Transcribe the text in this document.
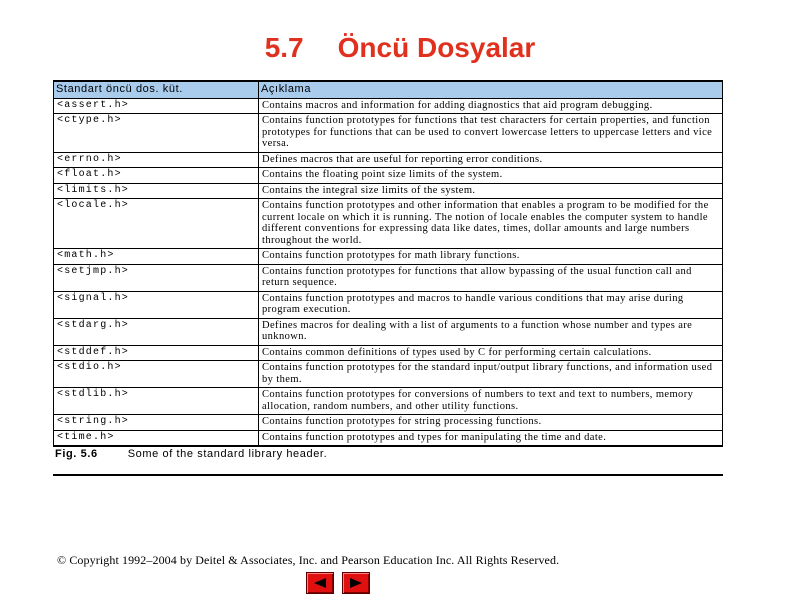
5.7 Öncü Dosyalar
Standart öncü dos. küt.	Açıklama
<assert.h>	Contains macros and information for adding diagnostics that aid program debugging.
<ctype.h>	Contains function prototypes for functions that test characters for certain properties, and function prototypes for functions that can be used to convert lowercase letters to uppercase letters and vice versa.
<errno.h>	Defines macros that are useful for reporting error conditions.
<float.h>	Contains the floating point size limits of the system.
<limits.h>	Contains the integral size limits of the system.
<locale.h>	Contains function prototypes and other information that enables a program to be modified for the current locale on which it is running. The notion of locale enables the computer system to handle different conventions for expressing data like dates, times, dollar amounts and large numbers throughout the world.
<math.h>	Contains function prototypes for math library functions.
<setjmp.h>	Contains function prototypes for functions that allow bypassing of the usual function call and return sequence.
<signal.h>	Contains function prototypes and macros to handle various conditions that may arise during program execution.
<stdarg.h>	Defines macros for dealing with a list of arguments to a function whose number and types are unknown.
<stddef.h>	Contains common definitions of types used by C for performing certain calculations.
<stdio.h>	Contains function prototypes for the standard input/output library functions, and information used by them.
<stdlib.h>	Contains function prototypes for conversions of numbers to text and text to numbers, memory allocation, random numbers, and other utility functions.
<string.h>	Contains function prototypes for string processing functions.
<time.h>	Contains function prototypes and types for manipulating the time and date.
Fig. 5.6	Some of the standard library header.
© Copyright 1992–2004 by Deitel & Associates, Inc. and Pearson Education Inc. All Rights Reserved.
